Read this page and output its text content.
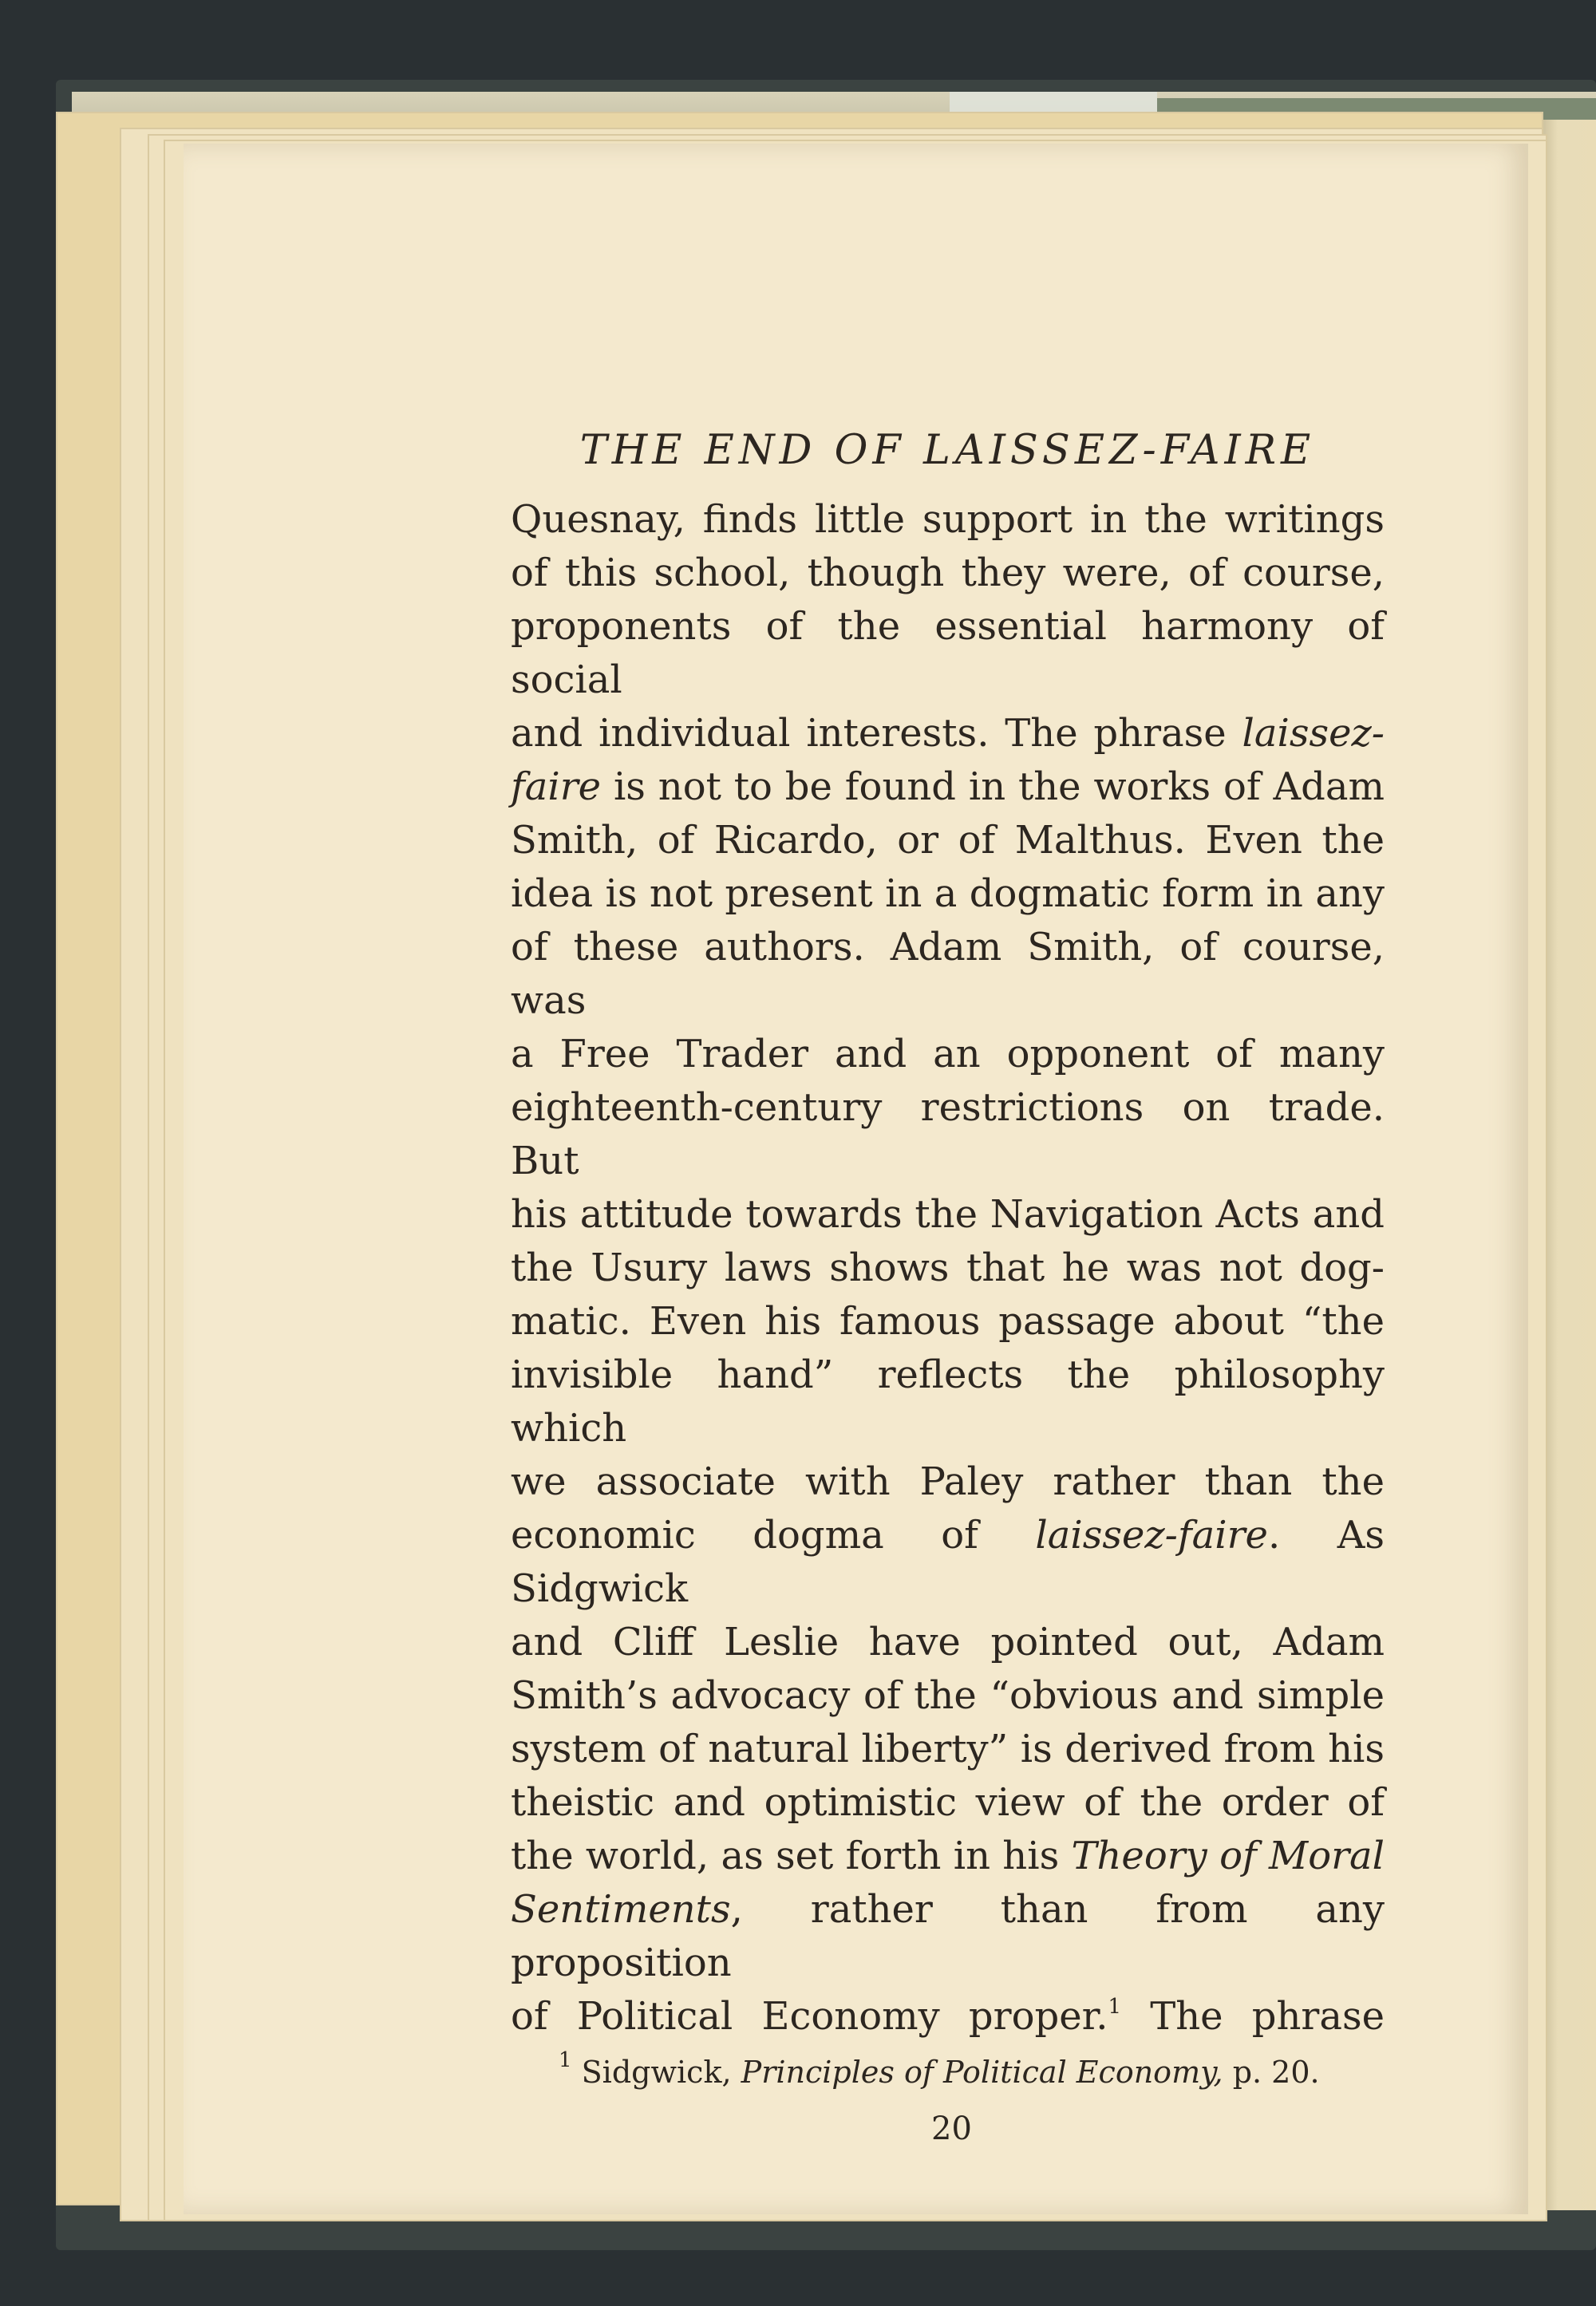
THE END OF LAISSEZ-FAIRE
Quesnay, finds little support in the writings
of this school, though they were, of course,
proponents of the essential harmony of social
and individual interests. The phrase laissez-
faire is not to be found in the works of Adam
Smith, of Ricardo, or of Malthus. Even the
idea is not present in a dogmatic form in any
of these authors. Adam Smith, of course, was
a Free Trader and an opponent of many
eighteenth-century restrictions on trade. But
his attitude towards the Navigation Acts and
the Usury laws shows that he was not dog-
matic. Even his famous passage about “the
invisible hand” reflects the philosophy which
we associate with Paley rather than the
economic dogma of laissez-faire. As Sidgwick
and Cliff Leslie have pointed out, Adam
Smith’s advocacy of the “obvious and simple
system of natural liberty” is derived from his
theistic and optimistic view of the order of
the world, as set forth in his Theory of Moral
Sentiments, rather than from any proposition
of Political Economy proper.$^1$ The phrase
$^1$ Sidgwick, Principles of Political Economy, p. 20.
20
